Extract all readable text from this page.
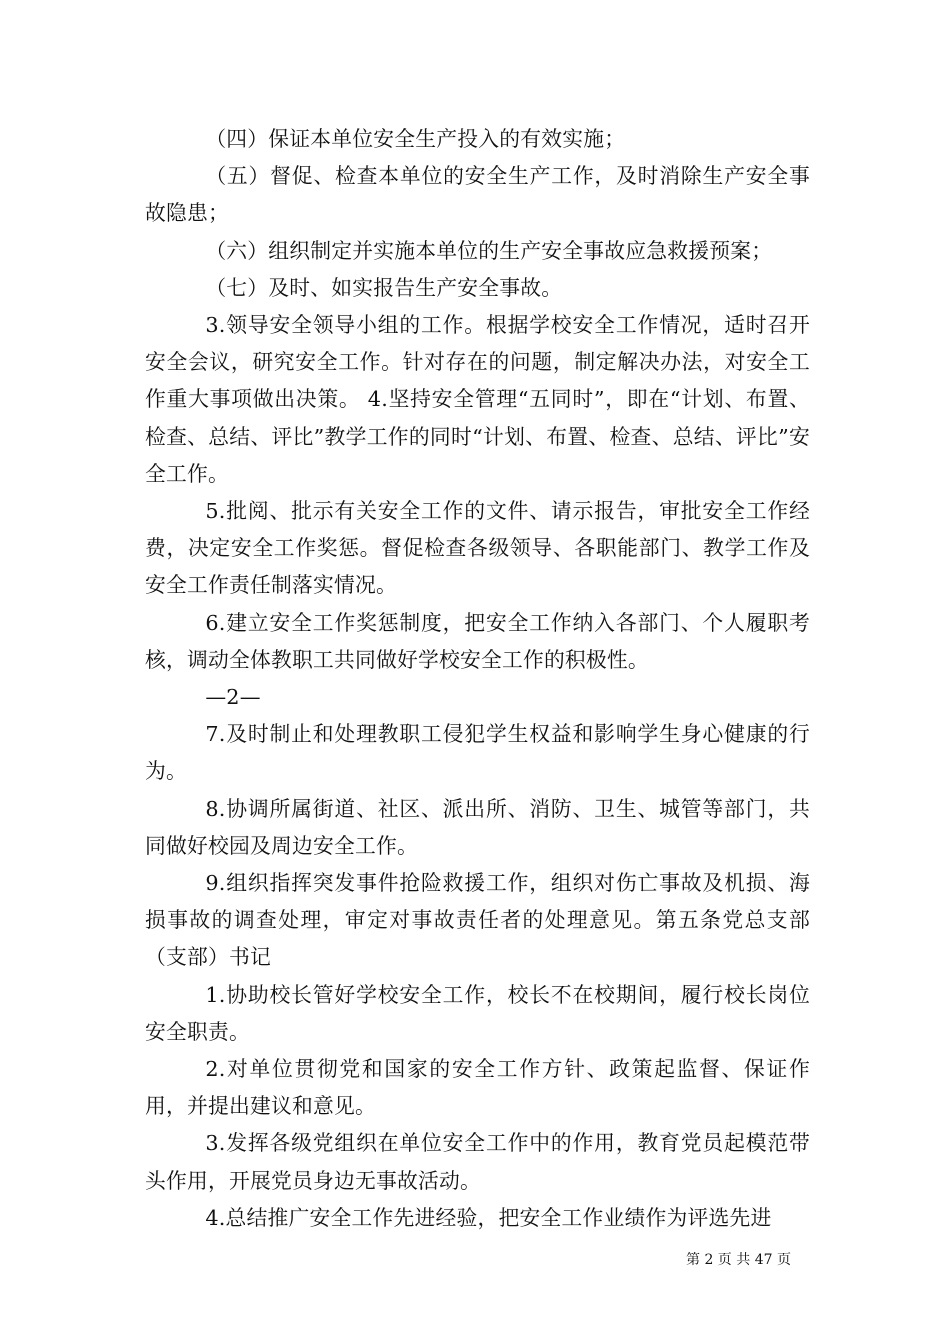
（四）保证本单位安全生产投入的有效实施；

（五）督促、检查本单位的安全生产工作，及时消除生产安全事故隐患；

（六）组织制定并实施本单位的生产安全事故应急救援预案；

（七）及时、如实报告生产安全事故。

3.领导安全领导小组的工作。根据学校安全工作情况，适时召开安全会议，研究安全工作。针对存在的问题，制定解决办法，对安全工作重大事项做出决策。 4.坚持安全管理“五同时”，即在“计划、布置、检查、总结、评比”教学工作的同时“计划、布置、检查、总结、评比”安全工作。

5.批阅、批示有关安全工作的文件、请示报告，审批安全工作经费，决定安全工作奖惩。督促检查各级领导、各职能部门、教学工作及安全工作责任制落实情况。

6.建立安全工作奖惩制度，把安全工作纳入各部门、个人履职考核，调动全体教职工共同做好学校安全工作的积极性。

—2—

7.及时制止和处理教职工侵犯学生权益和影响学生身心健康的行为。

8.协调所属街道、社区、派出所、消防、卫生、城管等部门，共同做好校园及周边安全工作。

9.组织指挥突发事件抢险救援工作，组织对伤亡事故及机损、海损事故的调查处理，审定对事故责任者的处理意见。第五条党总支部（支部）书记

1.协助校长管好学校安全工作，校长不在校期间，履行校长岗位安全职责。

2.对单位贯彻党和国家的安全工作方针、政策起监督、保证作用，并提出建议和意见。

3.发挥各级党组织在单位安全工作中的作用，教育党员起模范带头作用，开展党员身边无事故活动。

4.总结推广安全工作先进经验，把安全工作业绩作为评选先进

第 2 页 共 47 页
